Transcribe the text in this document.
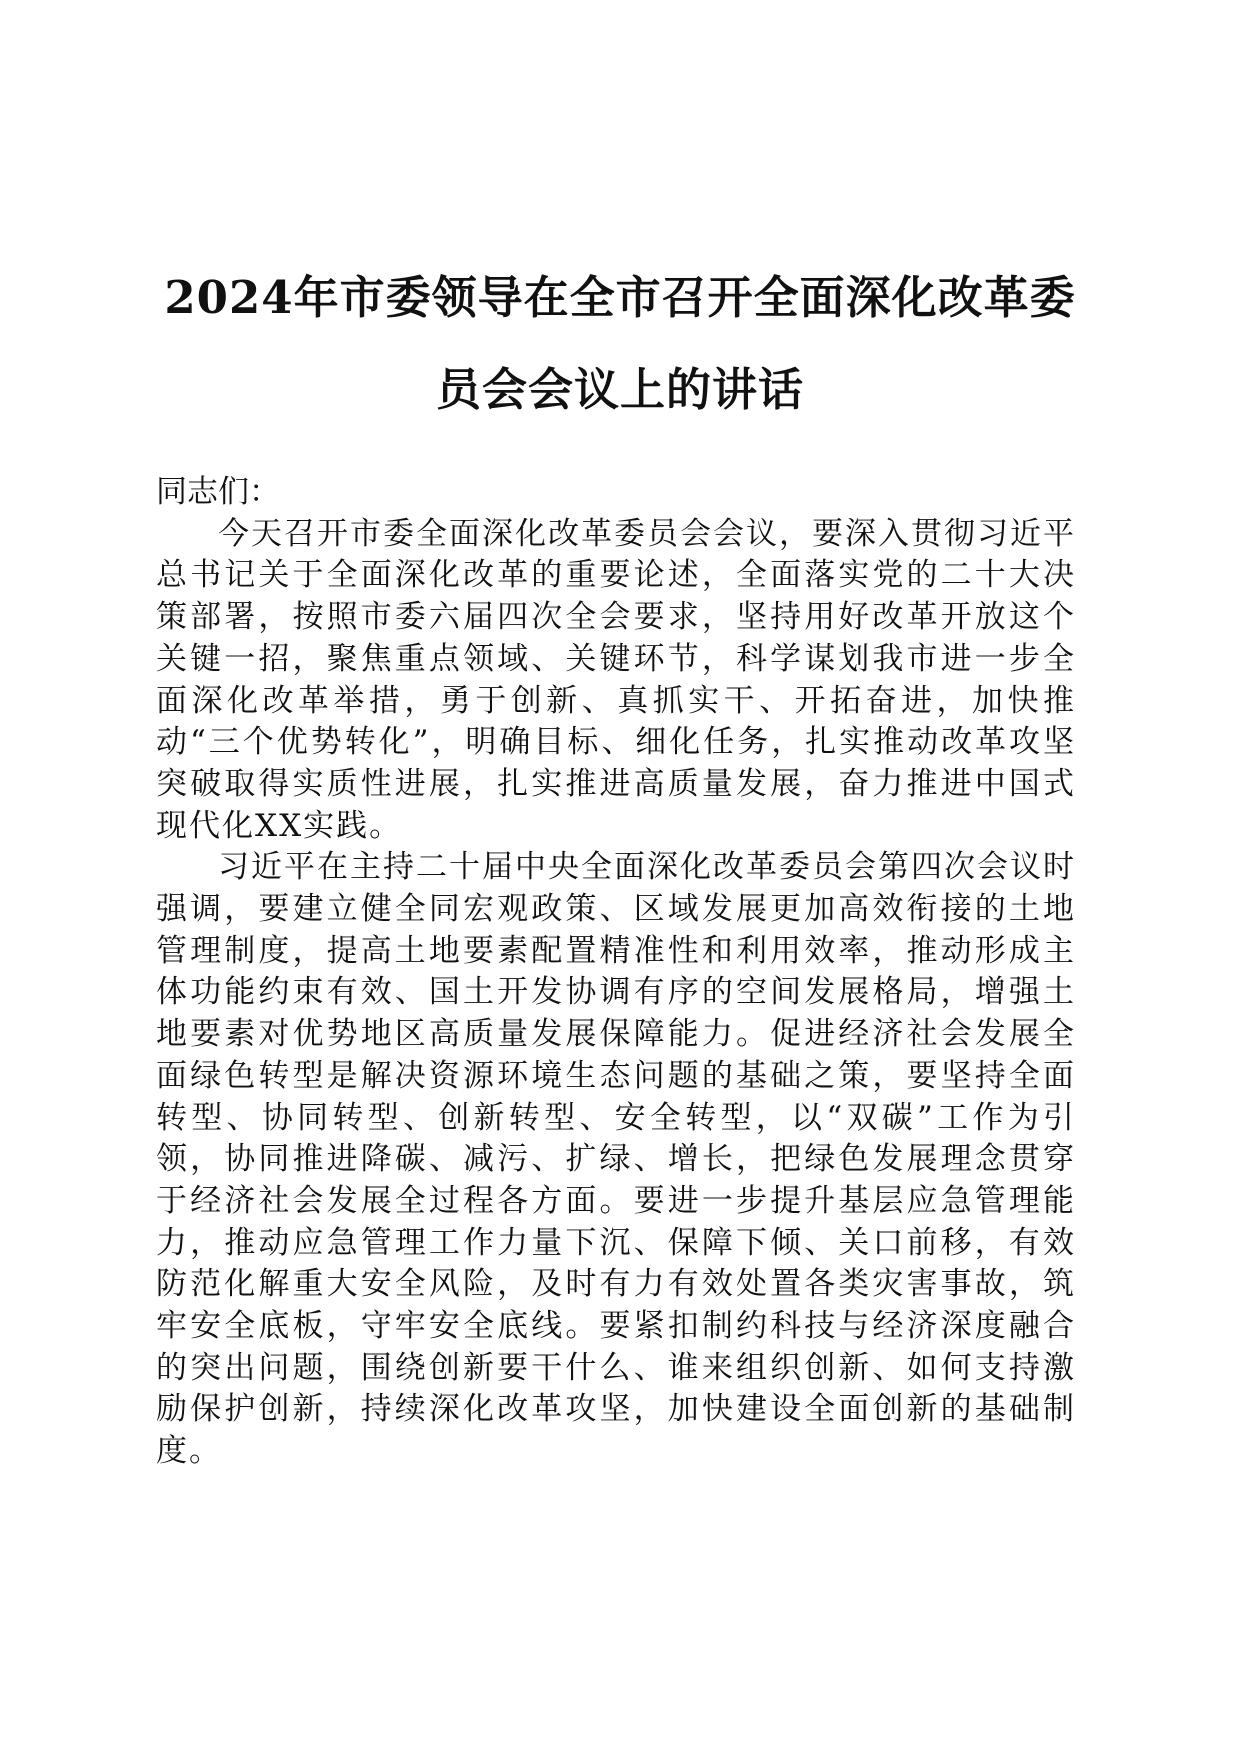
2024年市委领导在全市召开全面深化改革委
员会会议上的讲话

同志们：

今天召开市委全面深化改革委员会会议，要深入贯彻习近平总书记关于全面深化改革的重要论述，全面落实党的二十大决策部署，按照市委六届四次全会要求，坚持用好改革开放这个关键一招，聚焦重点领域、关键环节，科学谋划我市进一步全面深化改革举措，勇于创新、真抓实干、开拓奋进，加快推动“三个优势转化”，明确目标、细化任务，扎实推动改革攻坚突破取得实质性进展，扎实推进高质量发展，奋力推进中国式现代化XX实践。

习近平在主持二十届中央全面深化改革委员会第四次会议时强调，要建立健全同宏观政策、区域发展更加高效衔接的土地管理制度，提高土地要素配置精准性和利用效率，推动形成主体功能约束有效、国土开发协调有序的空间发展格局，增强土地要素对优势地区高质量发展保障能力。促进经济社会发展全面绿色转型是解决资源环境生态问题的基础之策，要坚持全面转型、协同转型、创新转型、安全转型，以“双碳”工作为引领，协同推进降碳、减污、扩绿、增长，把绿色发展理念贯穿于经济社会发展全过程各方面。要进一步提升基层应急管理能力，推动应急管理工作力量下沉、保障下倾、关口前移，有效防范化解重大安全风险，及时有力有效处置各类灾害事故，筑牢安全底板，守牢安全底线。要紧扣制约科技与经济深度融合的突出问题，围绕创新要干什么、谁来组织创新、如何支持激励保护创新，持续深化改革攻坚，加快建设全面创新的基础制度。
